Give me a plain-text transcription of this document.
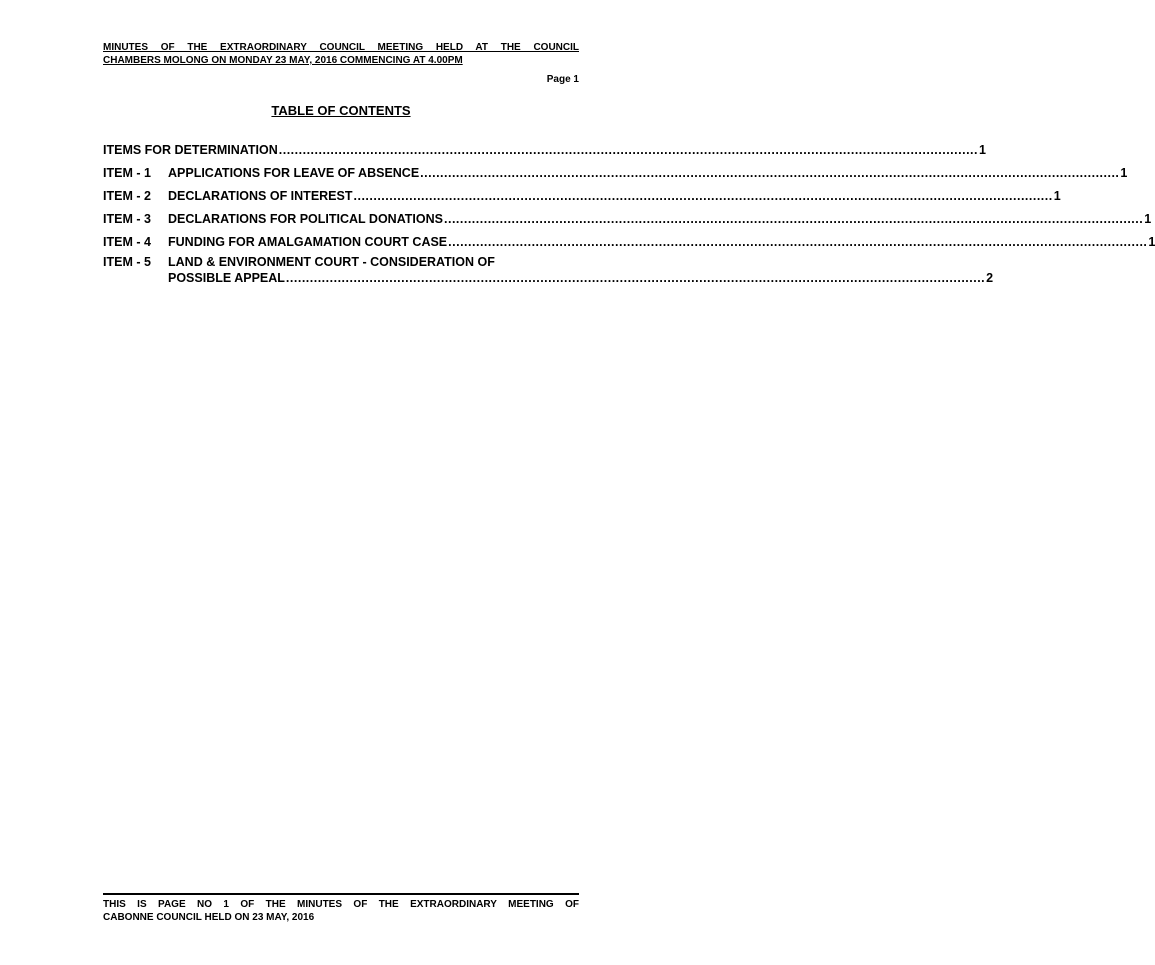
MINUTES OF THE EXTRAORDINARY COUNCIL MEETING HELD AT THE COUNCIL
CHAMBERS MOLONG ON MONDAY 23 MAY, 2016 COMMENCING AT 4.00PM
Page 1
TABLE OF CONTENTS
ITEMS FOR DETERMINATION .....	1
ITEM - 1	APPLICATIONS FOR LEAVE OF ABSENCE .....	1
ITEM - 2	DECLARATIONS OF INTEREST .....	1
ITEM - 3	DECLARATIONS FOR POLITICAL DONATIONS .....	1
ITEM - 4	FUNDING FOR AMALGAMATION COURT CASE .....	1
ITEM - 5	LAND & ENVIRONMENT COURT - CONSIDERATION OF
POSSIBLE APPEAL .....	2
THIS IS PAGE NO 1 OF THE MINUTES OF THE EXTRAORDINARY MEETING OF
CABONNE COUNCIL HELD ON 23 MAY, 2016
